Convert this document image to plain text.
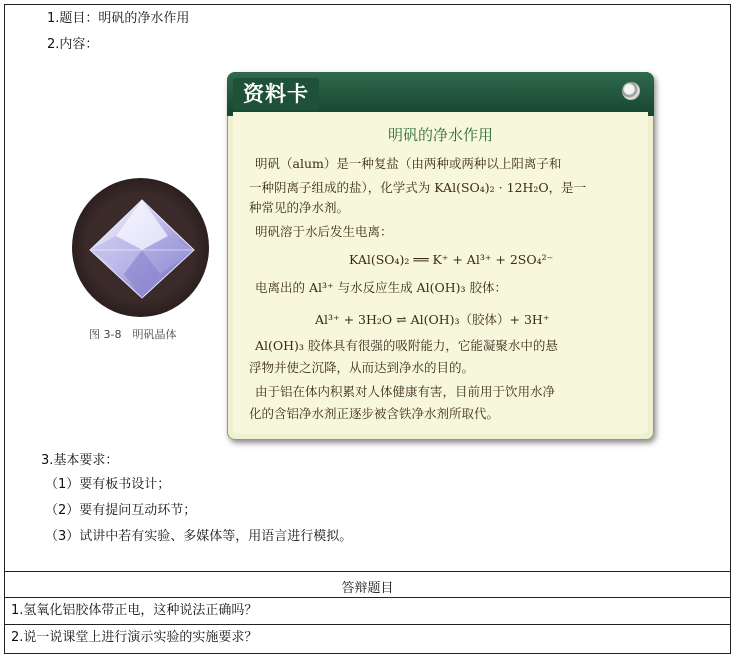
1.题目：明矾的净水作用
2.内容：
图 3-8　明矾晶体
资料卡
明矾的净水作用
明矾（alum）是一种复盐（由两种或两种以上阳离子和
一种阴离子组成的盐），化学式为 KAl(SO₄)₂ · 12H₂O，是一
种常见的净水剂。
明矾溶于水后发生电离：
KAl(SO₄)₂ ══ K⁺ + Al³⁺ + 2SO₄²⁻
电离出的 Al³⁺ 与水反应生成 Al(OH)₃ 胶体：
Al³⁺ + 3H₂O ⇌ Al(OH)₃（胶体）+ 3H⁺
Al(OH)₃ 胶体具有很强的吸附能力，它能凝聚水中的悬
浮物并使之沉降，从而达到净水的目的。
由于铝在体内积累对人体健康有害，目前用于饮用水净
化的含铝净水剂正逐步被含铁净水剂所取代。
3.基本要求：
（1）要有板书设计；
（2）要有提问互动环节；
（3）试讲中若有实验、多媒体等，用语言进行模拟。
答辩题目
1.氢氧化铝胶体带正电，这种说法正确吗？
2.说一说课堂上进行演示实验的实施要求？
